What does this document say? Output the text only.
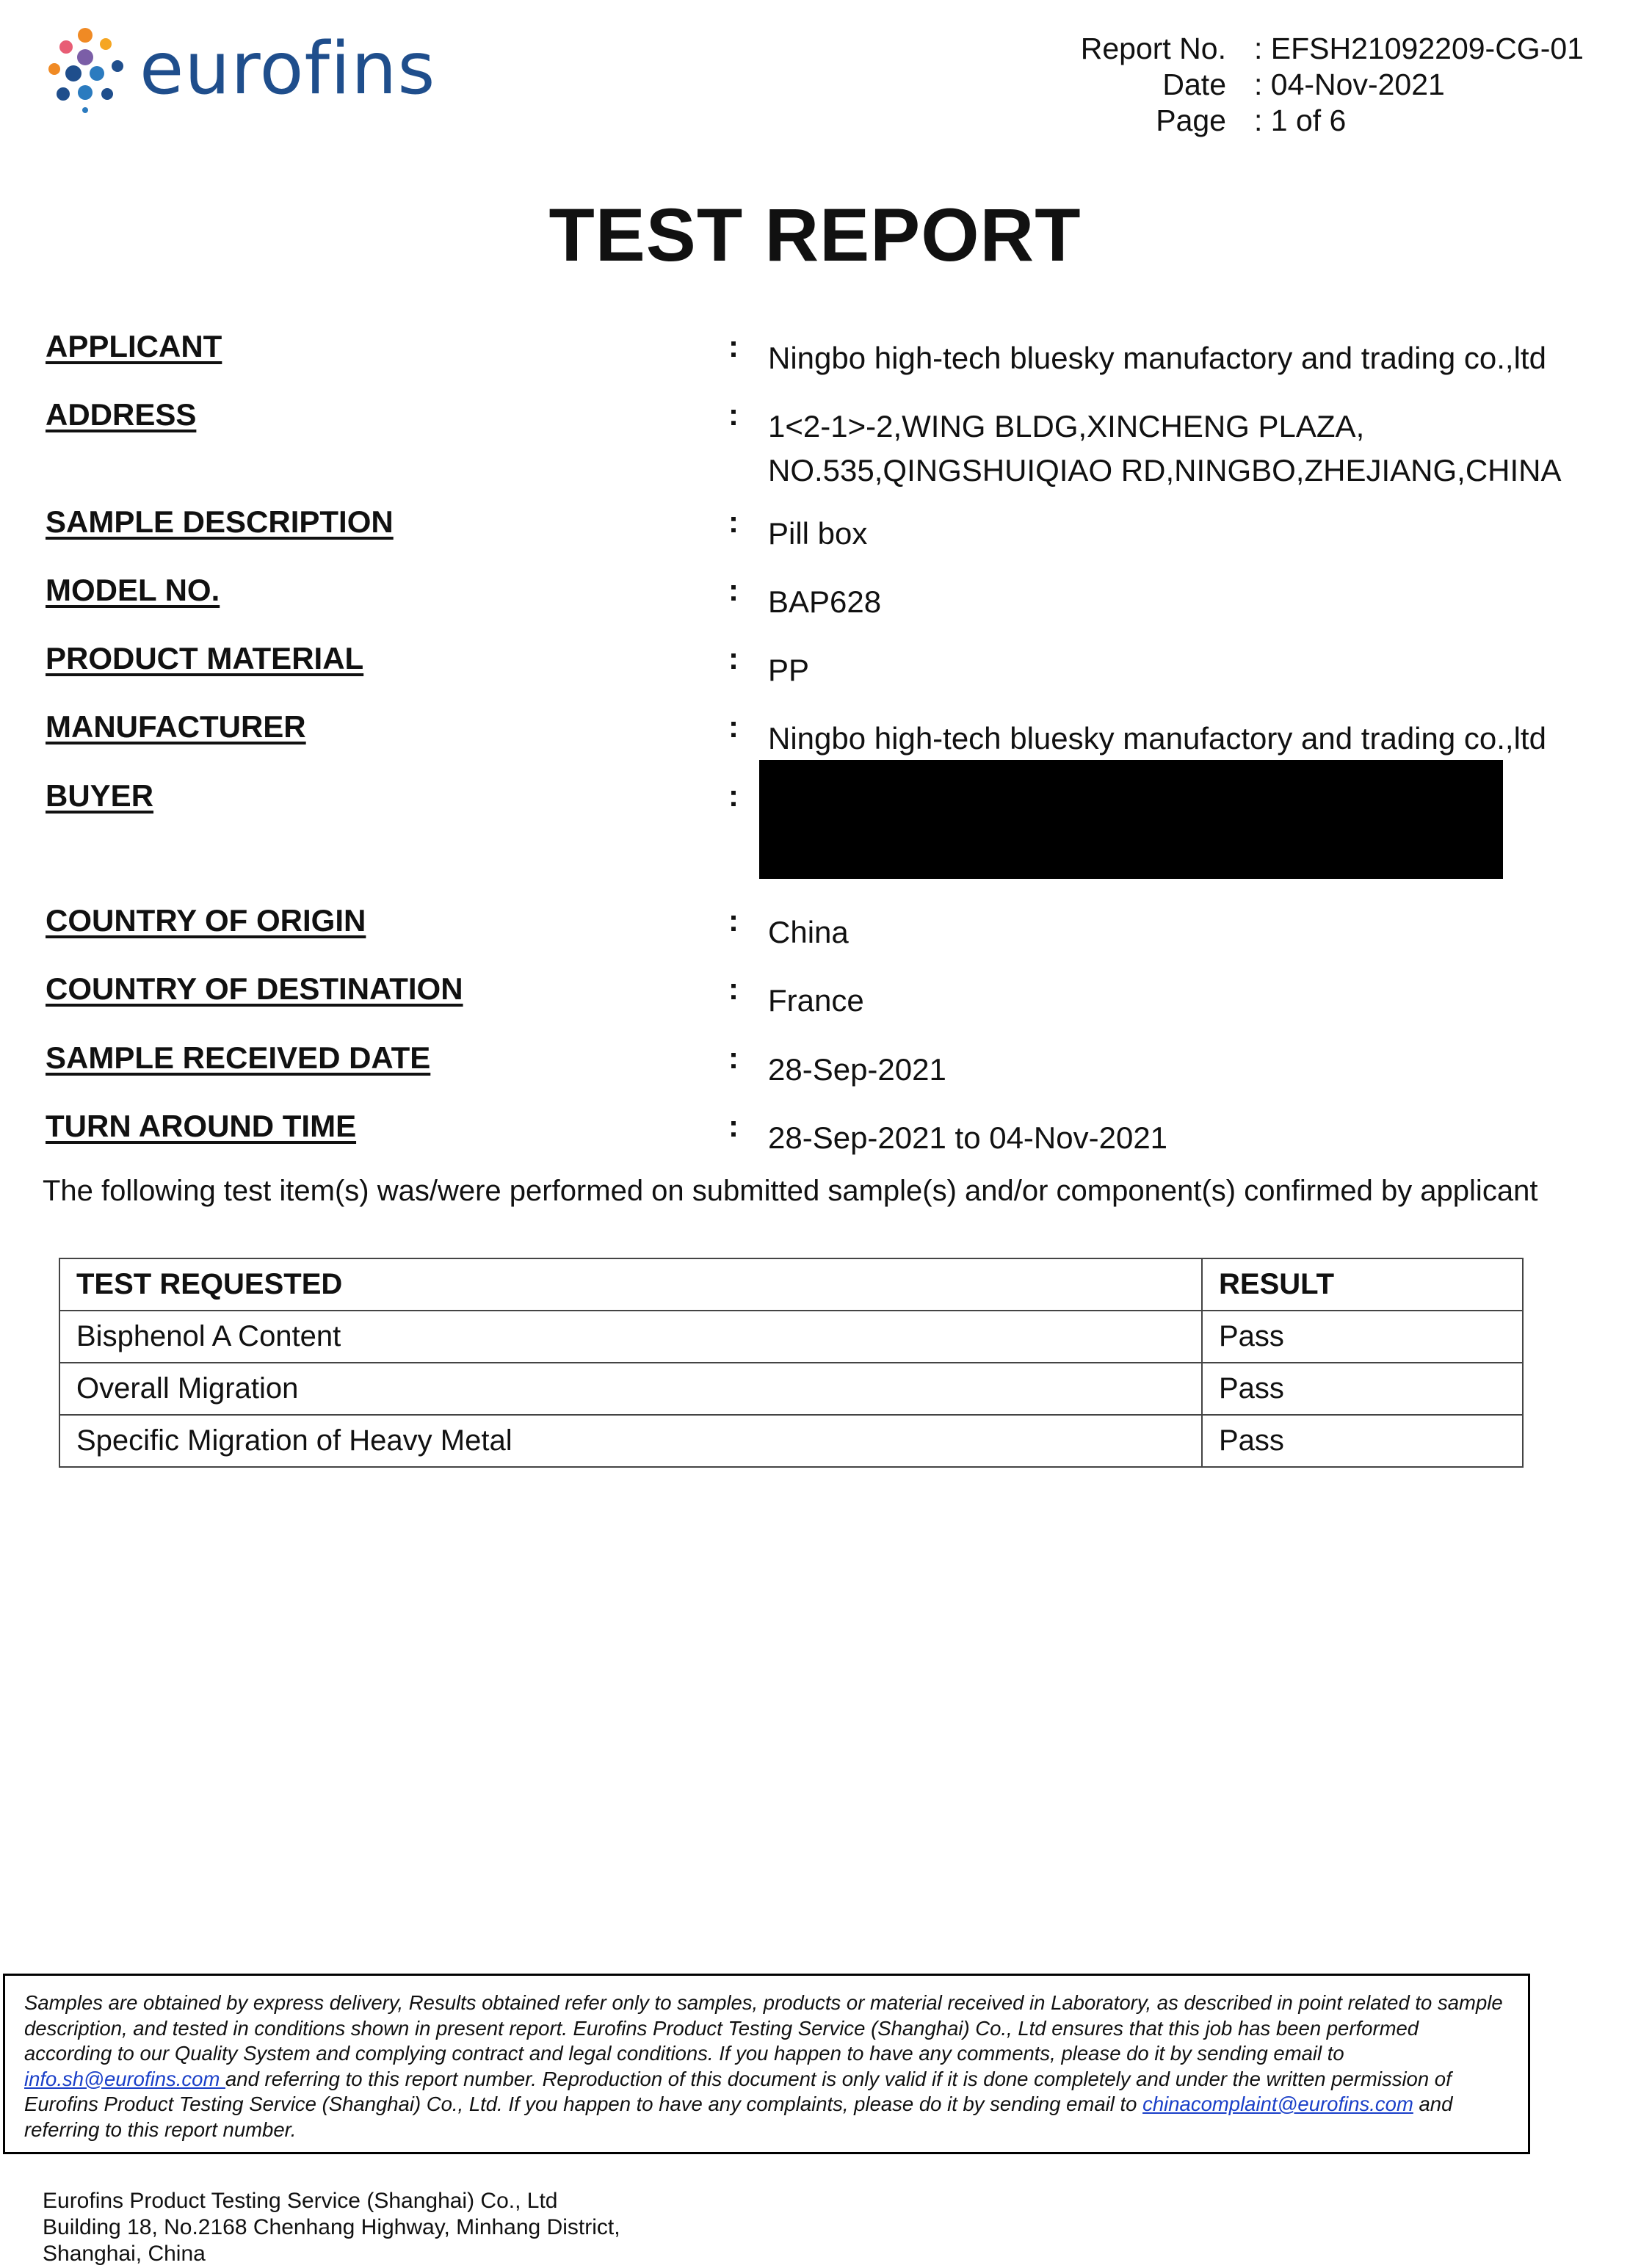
eurofins	Report No. : EFSH21092209-CG-01
Date : 04-Nov-2021
Page : 1 of 6
TEST REPORT
APPLICANT	: Ningbo high-tech bluesky manufactory and trading co.,ltd
ADDRESS	: 1<2-1>-2,WING BLDG,XINCHENG PLAZA,
NO.535,QINGSHUIQIAO RD,NINGBO,ZHEJIANG,CHINA
SAMPLE DESCRIPTION	: Pill box
MODEL NO.	: BAP628
PRODUCT MATERIAL	: PP
MANUFACTURER	: Ningbo high-tech bluesky manufactory and trading co.,ltd
BUYER	:
COUNTRY OF ORIGIN	: China
COUNTRY OF DESTINATION	: France
SAMPLE RECEIVED DATE	: 28-Sep-2021
TURN AROUND TIME	: 28-Sep-2021 to 04-Nov-2021
The following test item(s) was/were performed on submitted sample(s) and/or component(s) confirmed by applicant
TEST REQUESTED	RESULT
Bisphenol A Content	Pass
Overall Migration	Pass
Specific Migration of Heavy Metal	Pass
Samples are obtained by express delivery, Results obtained refer only to samples, products or material received in Laboratory, as described in point related to sample description, and tested in conditions shown in present report. Eurofins Product Testing Service (Shanghai) Co., Ltd ensures that this job has been performed according to our Quality System and complying contract and legal conditions. If you happen to have any comments, please do it by sending email to info.sh@eurofins.com and referring to this report number. Reproduction of this document is only valid if it is done completely and under the written permission of Eurofins Product Testing Service (Shanghai) Co., Ltd. If you happen to have any complaints, please do it by sending email to chinacomplaint@eurofins.com and referring to this report number.
Eurofins Product Testing Service (Shanghai) Co., Ltd
Building 18, No.2168 Chenhang Highway, Minhang District,
Shanghai, China
